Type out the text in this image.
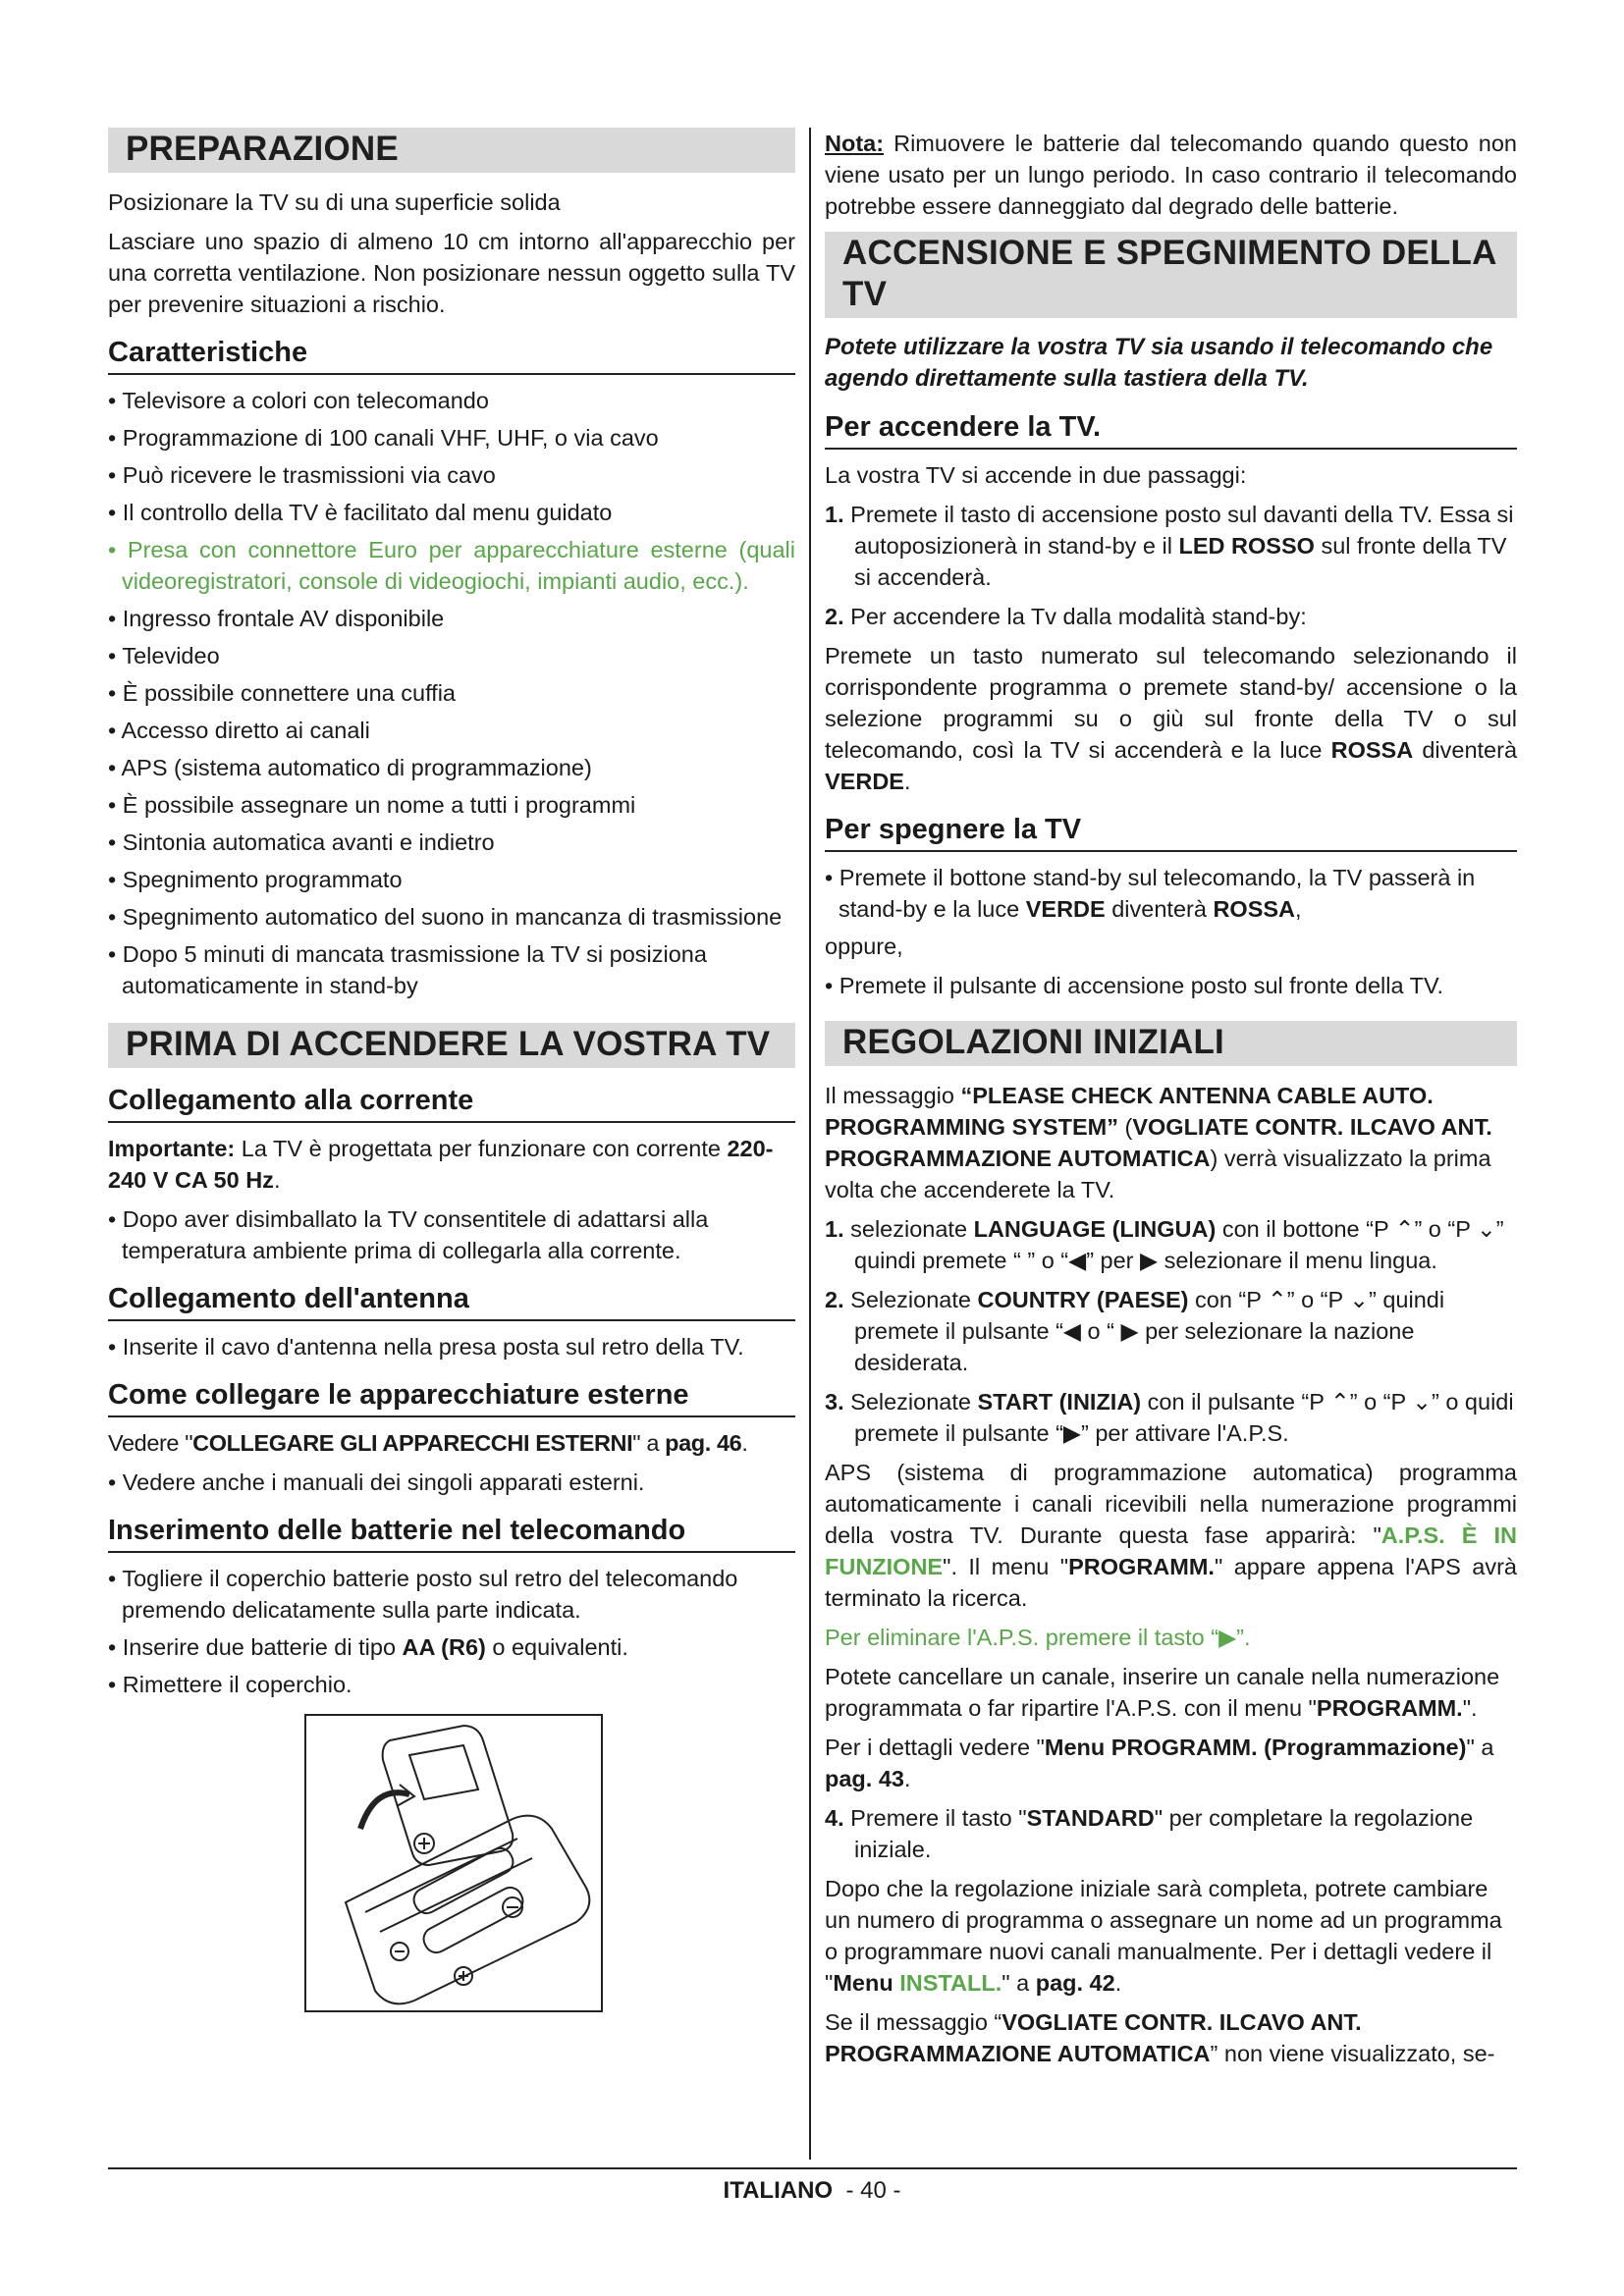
PREPARAZIONE

Posizionare la TV su di una superficie solida

Lasciare uno spazio di almeno 10 cm intorno all'apparecchio per una corretta ventilazione. Non posizionare nessun oggetto sulla TV per prevenire situazioni a rischio.

Caratteristiche
• Televisore a colori con telecomando
• Programmazione di 100 canali VHF, UHF, o via cavo
• Può ricevere le trasmissioni via cavo
• Il controllo della TV è facilitato dal menu guidato
• Presa con connettore Euro per apparecchiature esterne (quali videoregistratori, console di videogiochi, impianti audio, ecc.).
• Ingresso frontale AV disponibile
• Televideo
• È possibile connettere una cuffia
• Accesso diretto ai canali
• APS (sistema automatico di programmazione)
• È possibile assegnare un nome a tutti i programmi
• Sintonia automatica avanti e indietro
• Spegnimento programmato
• Spegnimento automatico del suono in mancanza di trasmissione
• Dopo 5 minuti di mancata trasmissione la TV si posiziona automaticamente in stand-by
PRIMA DI ACCENDERE LA VOSTRA TV
Collegamento alla corrente

Importante: La TV è progettata per funzionare con corrente 220-240 V CA 50 Hz.

• Dopo aver disimballato la TV consentitele di adattarsi alla temperatura ambiente prima di collegarla alla corrente.
Collegamento dell'antenna
• Inserite il cavo d'antenna nella presa posta sul retro della TV.
Come collegare le apparecchiature esterne

Vedere "COLLEGARE GLI APPARECCHI ESTERNI" a pag. 46.

• Vedere anche i manuali dei singoli apparati esterni.
Inserimento delle batterie nel telecomando
• Togliere il coperchio batterie posto sul retro del telecomando premendo delicatamente sulla parte indicata.
• Inserire due batterie di tipo AA (R6) o equivalenti.
• Rimettere il coperchio.

Nota: Rimuovere le batterie dal telecomando quando questo non viene usato per un lungo periodo. In caso contrario il telecomando potrebbe essere danneggiato dal degrado delle batterie.

ACCENSIONE E SPEGNIMENTO DELLA TV

Potete utilizzare la vostra TV sia usando il telecomando che agendo direttamente sulla tastiera della TV.

Per accendere la TV.

La vostra TV si accende in due passaggi:

1. Premete il tasto di accensione posto sul davanti della TV. Essa si autoposizionerà in stand-by e il LED ROSSO sul fronte della TV si accenderà.
2. Per accendere la Tv dalla modalità stand-by:

Premete un tasto numerato sul telecomando selezionando il corrispondente programma o premete stand-by/ accensione o la selezione programmi su o giù sul fronte della TV o sul telecomando, così la TV si accenderà e la luce ROSSA diventerà VERDE.

Per spegnere la TV
• Premete il bottone stand-by sul telecomando, la TV passerà in stand-by e la luce VERDE diventerà ROSSA,

oppure,

• Premete il pulsante di accensione posto sul fronte della TV.
REGOLAZIONI INIZIALI

Il messaggio “PLEASE CHECK ANTENNA CABLE AUTO. PROGRAMMING SYSTEM” (VOGLIATE CONTR. ILCAVO ANT. PROGRAMMAZIONE AUTOMATICA) verrà visualizzato la prima volta che accenderete la TV.

1. selezionate LANGUAGE (LINGUA) con il bottone “P ⌃” o “P ⌄” quindi premete “ ” o “◀” per ▶ selezionare il menu lingua.
2. Selezionate COUNTRY (PAESE) con “P ⌃” o “P ⌄” quindi premete il pulsante “◀ o “ ▶ per selezionare la nazione desiderata.
3. Selezionate START (INIZIA) con il pulsante “P ⌃” o “P ⌄” o quidi premete il pulsante “▶” per attivare l'A.P.S.

APS (sistema di programmazione automatica) programma automaticamente i canali ricevibili nella numerazione programmi della vostra TV. Durante questa fase apparirà: "A.P.S. È IN FUNZIONE". Il menu "PROGRAMM." appare appena l'APS avrà terminato la ricerca.

Per eliminare l'A.P.S. premere il tasto “▶”.

Potete cancellare un canale, inserire un canale nella numerazione programmata o far ripartire l'A.P.S. con il menu "PROGRAMM.".

Per i dettagli vedere "Menu PROGRAMM. (Programmazione)" a pag. 43.

4. Premere il tasto "STANDARD" per completare la regolazione iniziale.

Dopo che la regolazione iniziale sarà completa, potrete cambiare un numero di programma o assegnare un nome ad un programma o programmare nuovi canali manualmente. Per i dettagli vedere il "Menu INSTALL." a pag. 42.

Se il messaggio “VOGLIATE CONTR. ILCAVO ANT. PROGRAMMAZIONE AUTOMATICA” non viene visualizzato, se-

ITALIANO - 40 -
